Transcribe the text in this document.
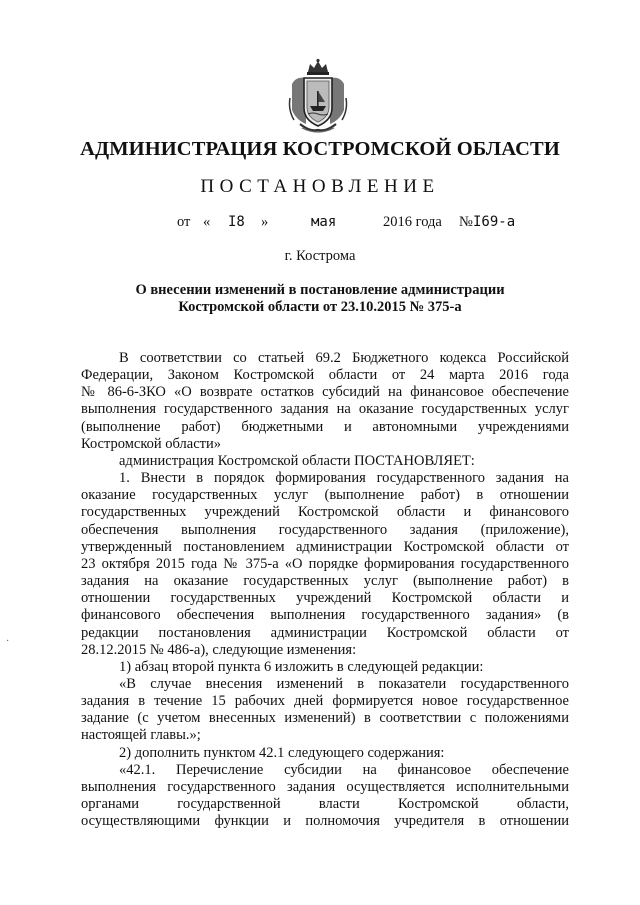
АДМИНИСТРАЦИЯ КОСТРОМСКОЙ ОБЛАСТИ
ПОСТАНОВЛЕНИЕ
от « I8 »	мая	2016 года № I69-а
г. Кострома
О внесении изменений в постановление администрации
Костромской области от 23.10.2015 № 375-а
В соответствии со статьей 69.2 Бюджетного кодекса Российской
Федерации, Законом Костромской области от 24 марта 2016 года
№ 86-6-ЗКО «О возврате остатков субсидий на финансовое обеспечение
выполнения государственного задания на оказание государственных услуг
(выполнение работ) бюджетными и автономными учреждениями
Костромской области»
администрация Костромской области ПОСТАНОВЛЯЕТ:
1. Внести в порядок формирования государственного задания на
оказание государственных услуг (выполнение работ) в отношении
государственных учреждений Костромской области и финансового
обеспечения выполнения государственного задания (приложение),
утвержденный постановлением администрации Костромской области от
23 октября 2015 года № 375-а «О порядке формирования государственного
задания на оказание государственных услуг (выполнение работ) в
отношении государственных учреждений Костромской области и
финансового обеспечения выполнения государственного задания» (в
редакции постановления администрации Костромской области от
28.12.2015 № 486-а), следующие изменения:
1) абзац второй пункта 6 изложить в следующей редакции:
«В случае внесения изменений в показатели государственного
задания в течение 15 рабочих дней формируется новое государственное
задание (с учетом внесенных изменений) в соответствии с положениями
настоящей главы.»;
2) дополнить пунктом 42.1 следующего содержания:
«42.1. Перечисление субсидии на финансовое обеспечение
выполнения государственного задания осуществляется исполнительными
органами государственной власти Костромской области,
осуществляющими функции и полномочия учредителя в отношении
·
